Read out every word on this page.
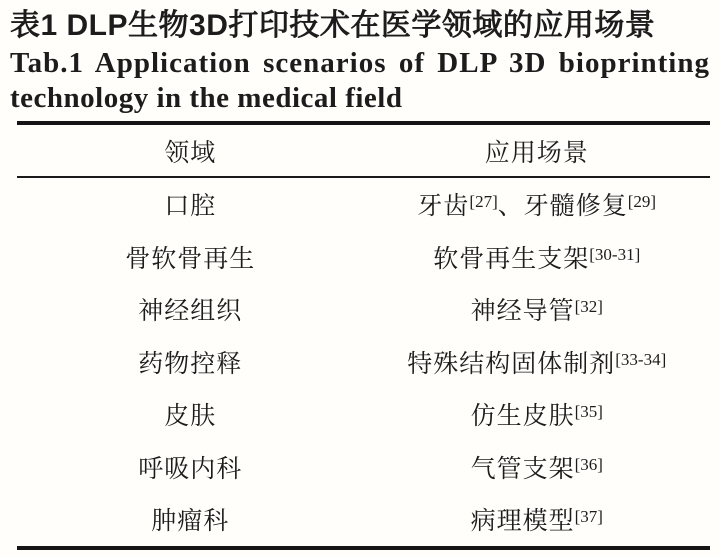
表1 DLP生物3D打印技术在医学领域的应用场景
Tab.1 Application scenarios of DLP 3D bioprinting
technology in the medical field
领域	应用场景
口腔	牙齿[27] 、 牙髓修复[29]
骨软骨再生	软骨再生支架[30-31]
神经组织	神经导管[32]
药物控释	特殊结构固体制剂[33-34]
皮肤	仿生皮肤[35]
呼吸内科	气管支架[36]
肿瘤科	病理模型[37]
